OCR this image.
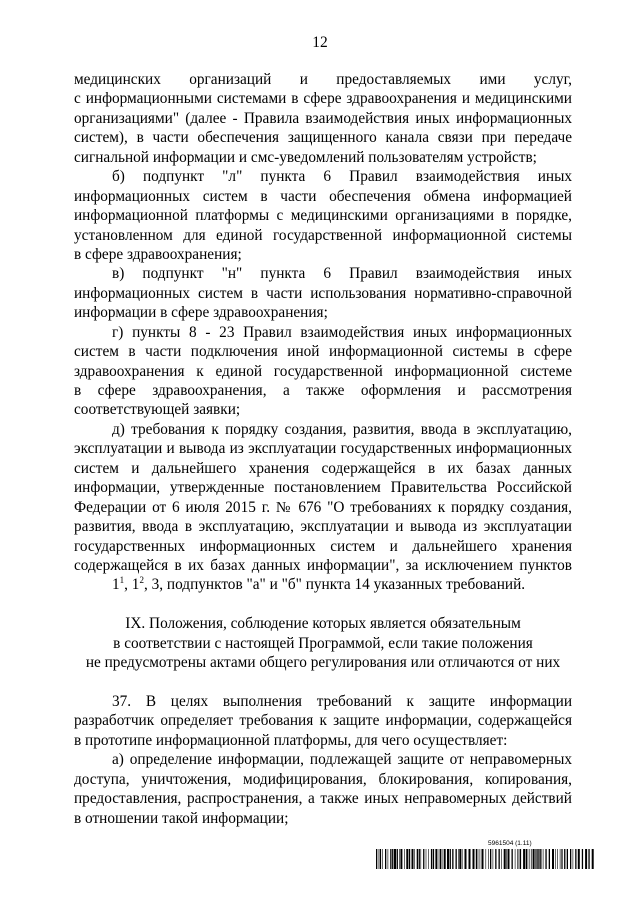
12
медицинских организаций и предоставляемых ими услуг,
с информационными системами в сфере здравоохранения и медицинскими
организациями" (далее - Правила взаимодействия иных информационных
систем), в части обеспечения защищенного канала связи при передаче
сигнальной информации и смс-уведомлений пользователям устройств;
б) подпункт "л" пункта 6 Правил взаимодействия иных
информационных систем в части обеспечения обмена информацией
информационной платформы с медицинскими организациями в порядке,
установленном для единой государственной информационной системы
в сфере здравоохранения;
в) подпункт "н" пункта 6 Правил взаимодействия иных
информационных систем в части использования нормативно-справочной
информации в сфере здравоохранения;
г) пункты 8 - 23 Правил взаимодействия иных информационных
систем в части подключения иной информационной системы в сфере
здравоохранения к единой государственной информационной системе
в сфере здравоохранения, а также оформления и рассмотрения
соответствующей заявки;
д) требования к порядку создания, развития, ввода в эксплуатацию,
эксплуатации и вывода из эксплуатации государственных информационных
систем и дальнейшего хранения содержащейся в их базах данных
информации, утвержденные постановлением Правительства Российской
Федерации от 6 июля 2015 г. № 676 "О требованиях к порядку создания,
развития, ввода в эксплуатацию, эксплуатации и вывода из эксплуатации
государственных информационных систем и дальнейшего хранения
содержащейся в их базах данных информации", за исключением пунктов
$1^1$, $1^2$, 3, подпунктов "а" и "б" пункта 14 указанных требований.
IX. Положения, соблюдение которых является обязательным
в соответствии с настоящей Программой, если такие положения
не предусмотрены актами общего регулирования или отличаются от них
37. В целях выполнения требований к защите информации
разработчик определяет требования к защите информации, содержащейся
в прототипе информационной платформы, для чего осуществляет:
а) определение информации, подлежащей защите от неправомерных
доступа, уничтожения, модифицирования, блокирования, копирования,
предоставления, распространения, а также иных неправомерных действий
в отношении такой информации;
5961504 (1.11)
